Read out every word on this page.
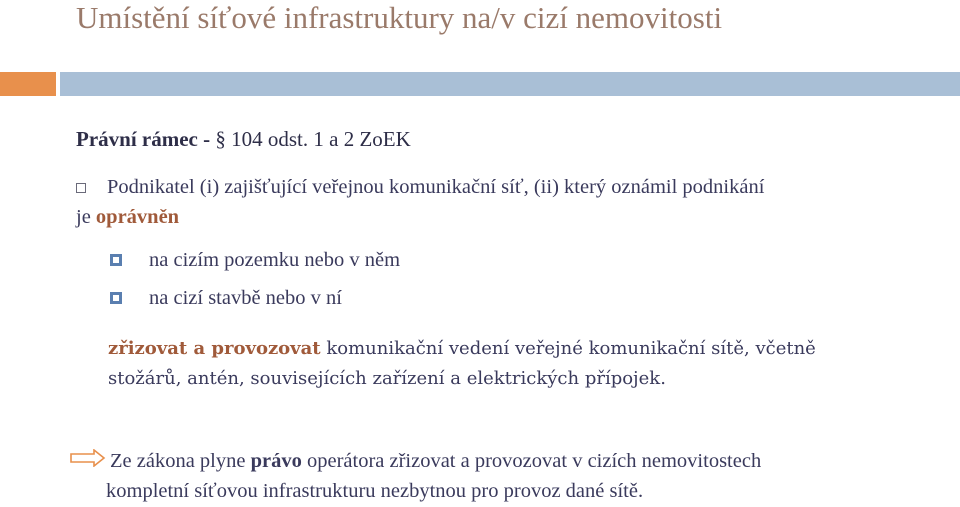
Umístění síťové infrastruktury na/v cizí nemovitosti
Právní rámec - § 104 odst. 1 a 2 ZoEK
Podnikatel (i) zajišťující veřejnou komunikační síť, (ii) který oznámil podnikání
je oprávněn
na cizím pozemku nebo v něm
na cizí stavbě nebo v ní
zřizovat a provozovat komunikační vedení veřejné komunikační sítě, včetně
stožárů, antén, souvisejících zařízení a elektrických přípojek.
Ze zákona plyne právo operátora zřizovat a provozovat v cizích nemovitostech
kompletní síťovou infrastrukturu nezbytnou pro provoz dané sítě.
